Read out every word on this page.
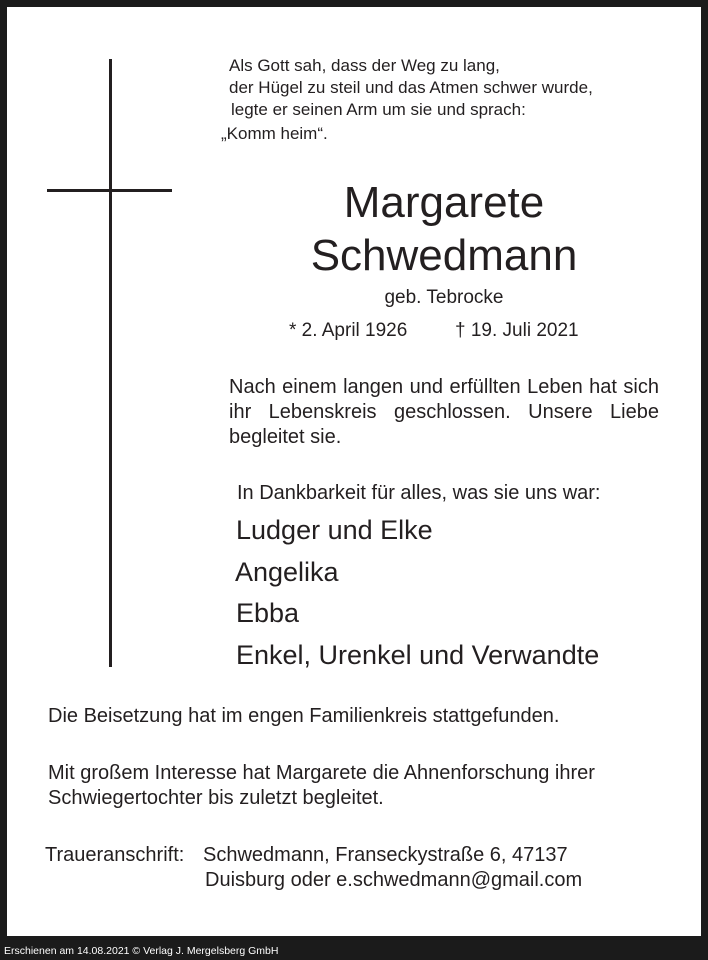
Als Gott sah, dass der Weg zu lang,
der Hügel zu steil und das Atmen schwer wurde,
legte er seinen Arm um sie und sprach:
„Komm heim“.
Margarete
Schwedmann
geb. Tebrocke
* 2. April 1926	† 19. Juli 2021
Nach einem langen und erfüllten Leben hat sich ihr Lebenskreis geschlossen. Unsere Liebe begleitet sie.
In Dankbarkeit für alles, was sie uns war:
Ludger und Elke
Angelika
Ebba
Enkel, Urenkel und Verwandte
Die Beisetzung hat im engen Familienkreis stattgefunden.
Mit großem Interesse hat Margarete die Ahnenforschung ihrer
Schwiegertochter bis zuletzt begleitet.
Traueranschrift: Schwedmann, Franseckystraße 6, 47137
Duisburg oder e.schwedmann@gmail.com
Erschienen am 14.08.2021 © Verlag J. Mergelsberg GmbH
